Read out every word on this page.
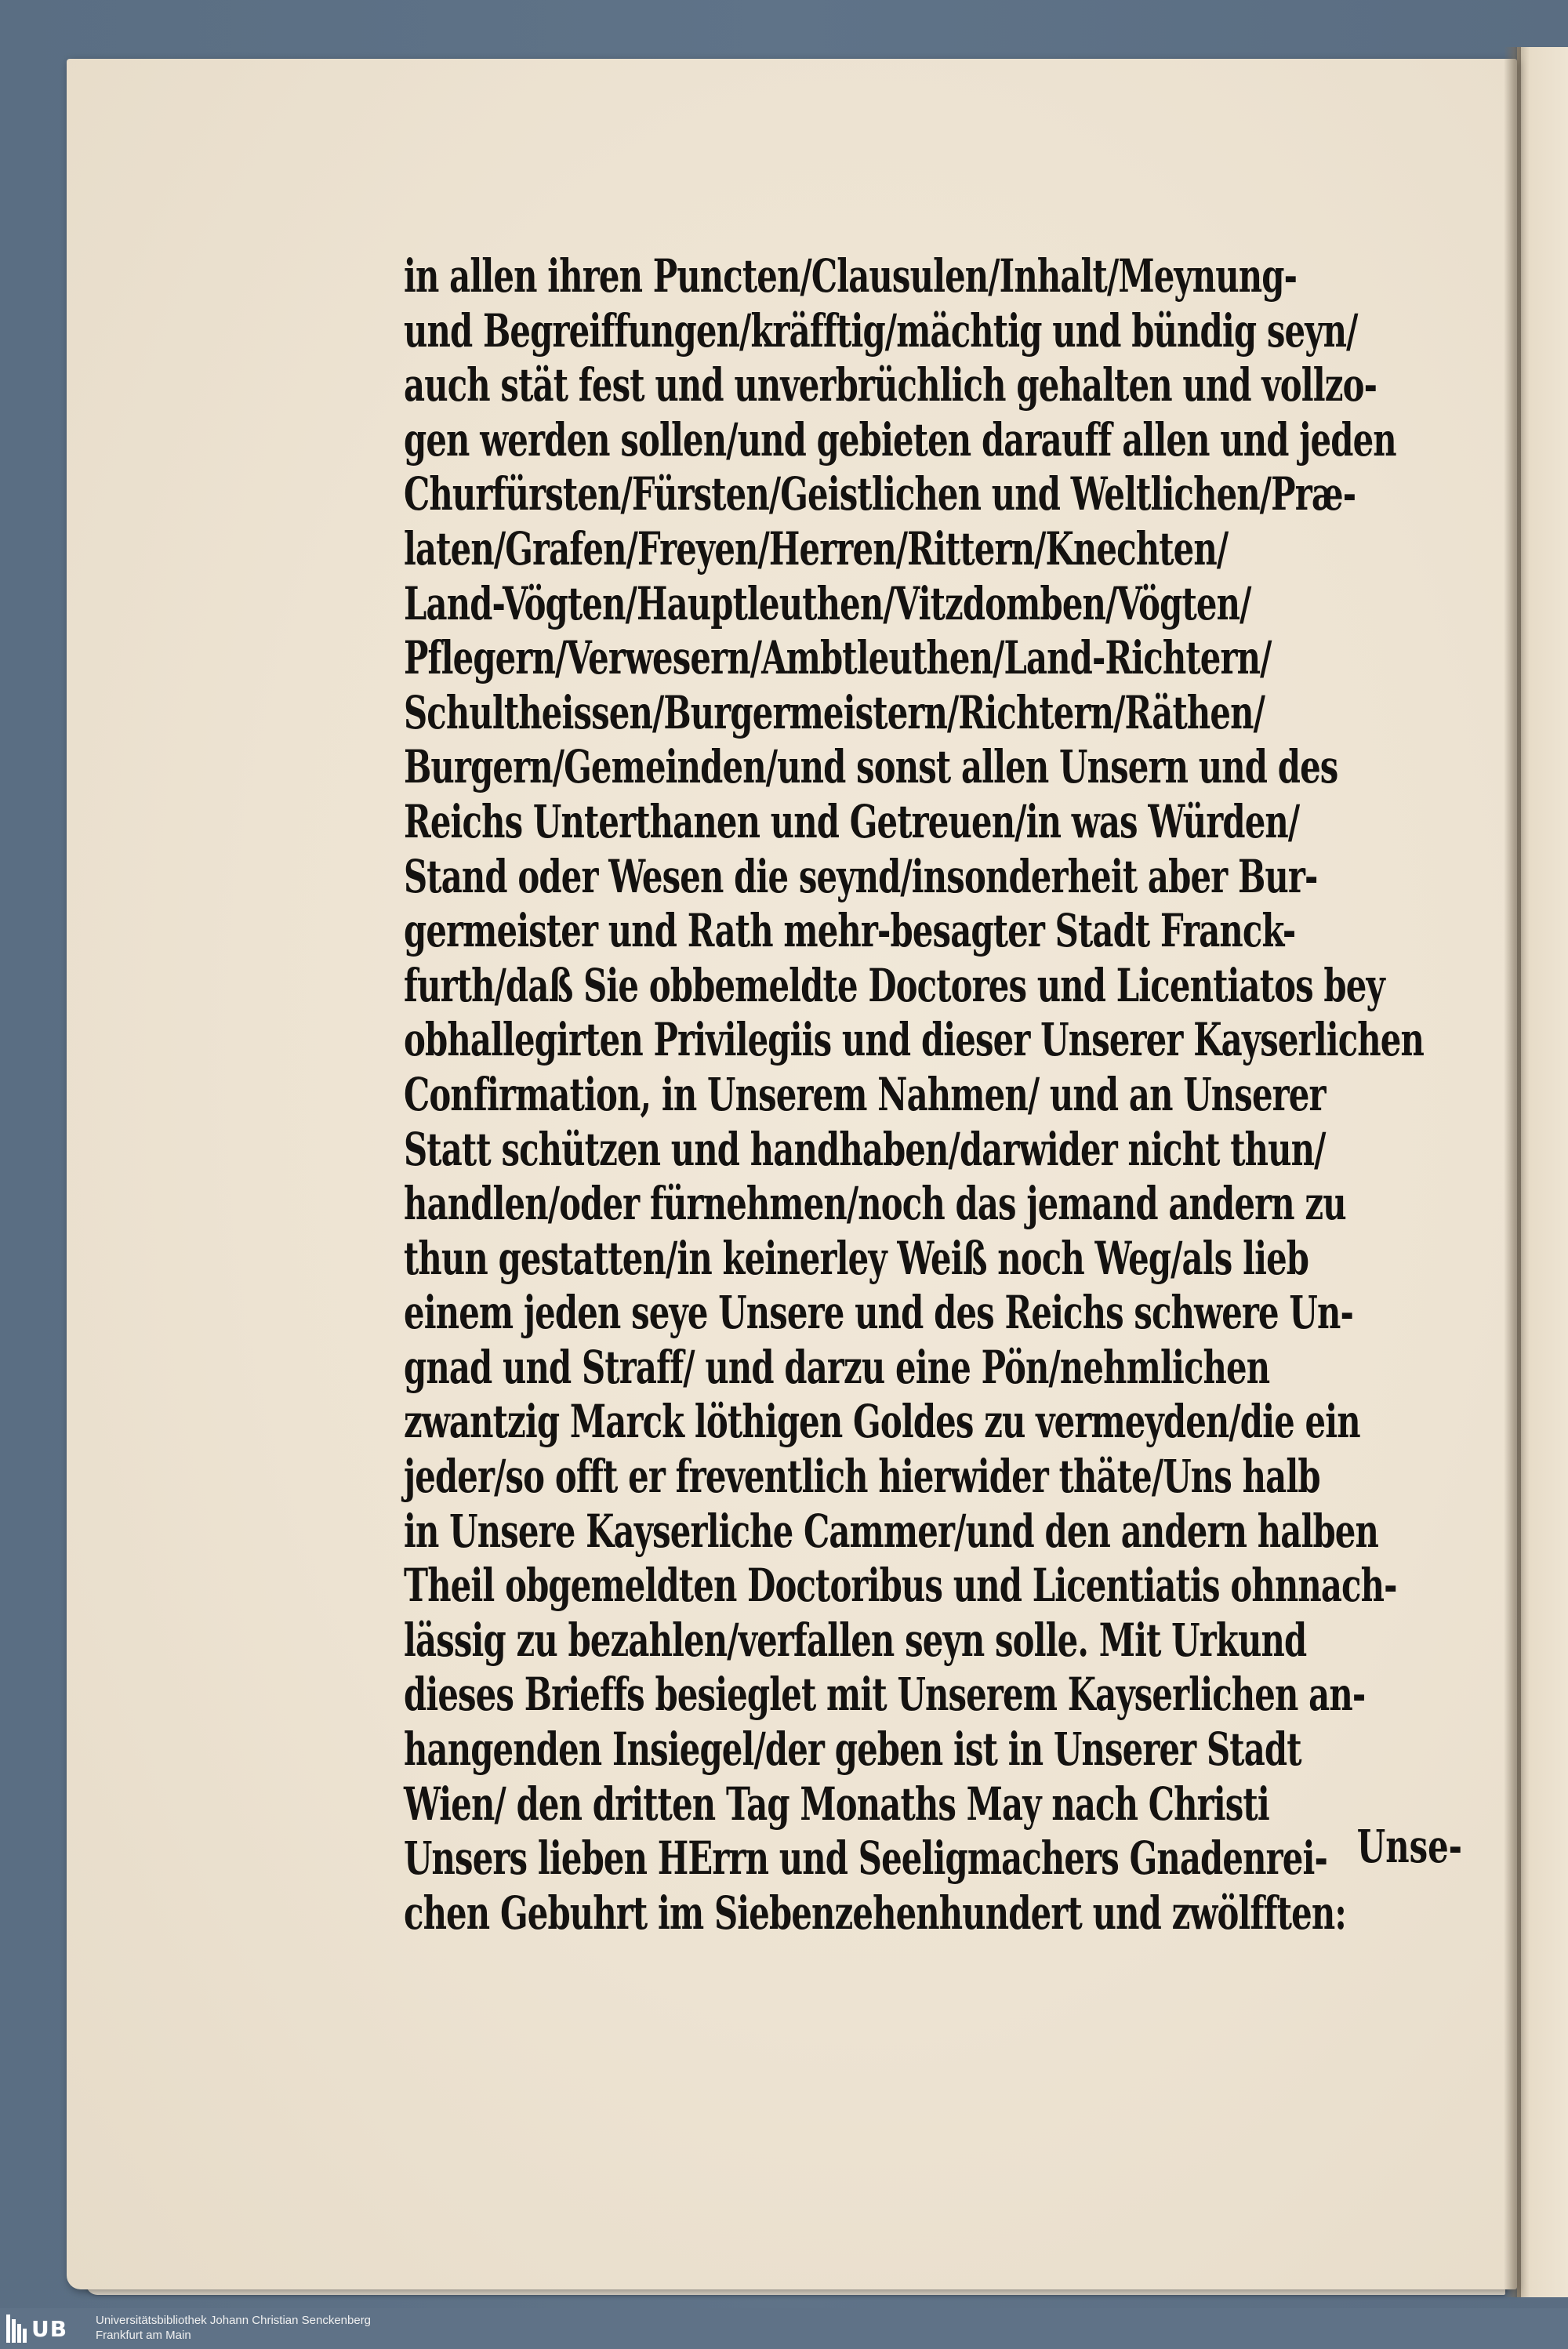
in allen ihren Puncten/Clausulen/Inhalt/Meynung-
und Begreiffungen/kräfftig/mächtig und bündig seyn/
auch stät fest und unverbrüchlich gehalten und vollzo-
gen werden sollen/und gebieten darauff allen und jeden
Churfürsten/Fürsten/Geistlichen und Weltlichen/Præ-
laten/Grafen/Freyen/Herren/Rittern/Knechten/
Land-Vögten/Hauptleuthen/Vitzdomben/Vögten/
Pflegern/Verwesern/Ambtleuthen/Land-Richtern/
Schultheissen/Burgermeistern/Richtern/Räthen/
Burgern/Gemeinden/und sonst allen Unsern und des
Reichs Unterthanen und Getreuen/in was Würden/
Stand oder Wesen die seynd/insonderheit aber Bur-
germeister und Rath mehr-besagter Stadt Franck-
furth/daß Sie obbemeldte Doctores und Licentiatos bey
obhallegirten Privilegiis und dieser Unserer Kayserlichen
Confirmation, in Unserem Nahmen/ und an Unserer
Statt schützen und handhaben/darwider nicht thun/
handlen/oder fürnehmen/noch das jemand andern zu
thun gestatten/in keinerley Weiß noch Weg/als lieb
einem jeden seye Unsere und des Reichs schwere Un-
gnad und Straff/ und darzu eine Pön/nehmlichen
zwantzig Marck löthigen Goldes zu vermeyden/die ein
jeder/so offt er freventlich hierwider thäte/Uns halb
in Unsere Kayserliche Cammer/und den andern halben
Theil obgemeldten Doctoribus und Licentiatis ohnnach-
lässig zu bezahlen/verfallen seyn solle. Mit Urkund
dieses Brieffs besieglet mit Unserem Kayserlichen an-
hangenden Insiegel/der geben ist in Unserer Stadt
Wien/ den dritten Tag Monaths May nach Christi
Unsers lieben HErrn und Seeligmachers Gnadenrei-
chen Gebuhrt im Siebenzehenhundert und zwölfften:
Unse-
UB Universitätsbibliothek Johann Christian Senckenberg
Frankfurt am Main
